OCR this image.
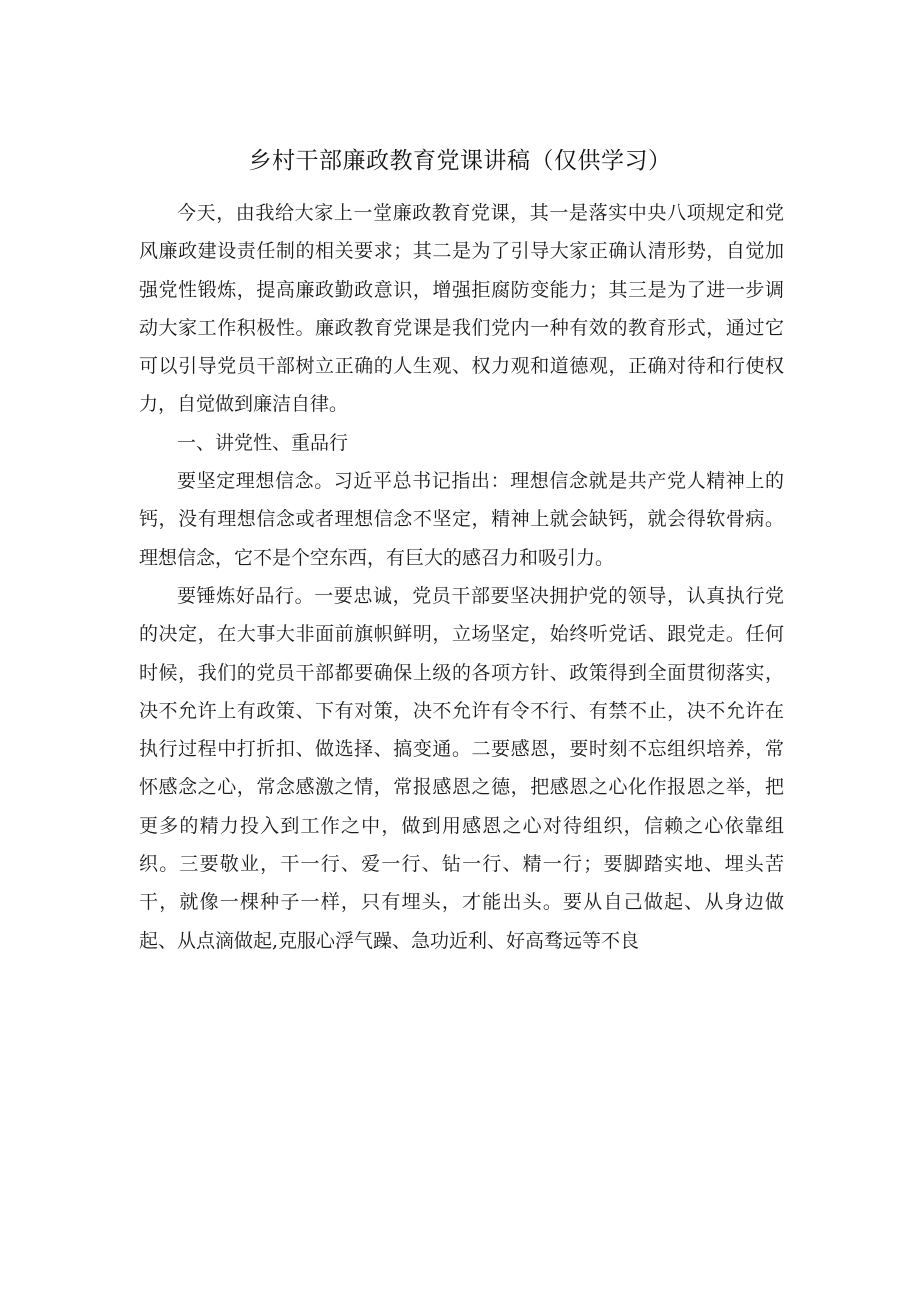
乡村干部廉政教育党课讲稿（仅供学习）

今天，由我给大家上一堂廉政教育党课，其一是落实中央八项规定和党风廉政建设责任制的相关要求；其二是为了引导大家正确认清形势，自觉加强党性锻炼，提高廉政勤政意识，增强拒腐防变能力；其三是为了进一步调动大家工作积极性。廉政教育党课是我们党内一种有效的教育形式，通过它可以引导党员干部树立正确的人生观、权力观和道德观，正确对待和行使权力，自觉做到廉洁自律。

一、讲党性、重品行

要坚定理想信念。习近平总书记指出：理想信念就是共产党人精神上的钙，没有理想信念或者理想信念不坚定，精神上就会缺钙，就会得软骨病。理想信念，它不是个空东西，有巨大的感召力和吸引力。

要锤炼好品行。一要忠诚，党员干部要坚决拥护党的领导，认真执行党的决定，在大事大非面前旗帜鲜明，立场坚定，始终听党话、跟党走。任何时候，我们的党员干部都要确保上级的各项方针、政策得到全面贯彻落实，决不允许上有政策、下有对策，决不允许有令不行、有禁不止，决不允许在执行过程中打折扣、做选择、搞变通。二要感恩，要时刻不忘组织培养，常怀感念之心，常念感激之情，常报感恩之德，把感恩之心化作报恩之举，把更多的精力投入到工作之中，做到用感恩之心对待组织，信赖之心依靠组织。三要敬业，干一行、爱一行、钻一行、精一行；要脚踏实地、埋头苦干，就像一棵种子一样，只有埋头，才能出头。要从自己做起、从身边做起、从点滴做起,克服心浮气躁、急功近利、好高骛远等不良
